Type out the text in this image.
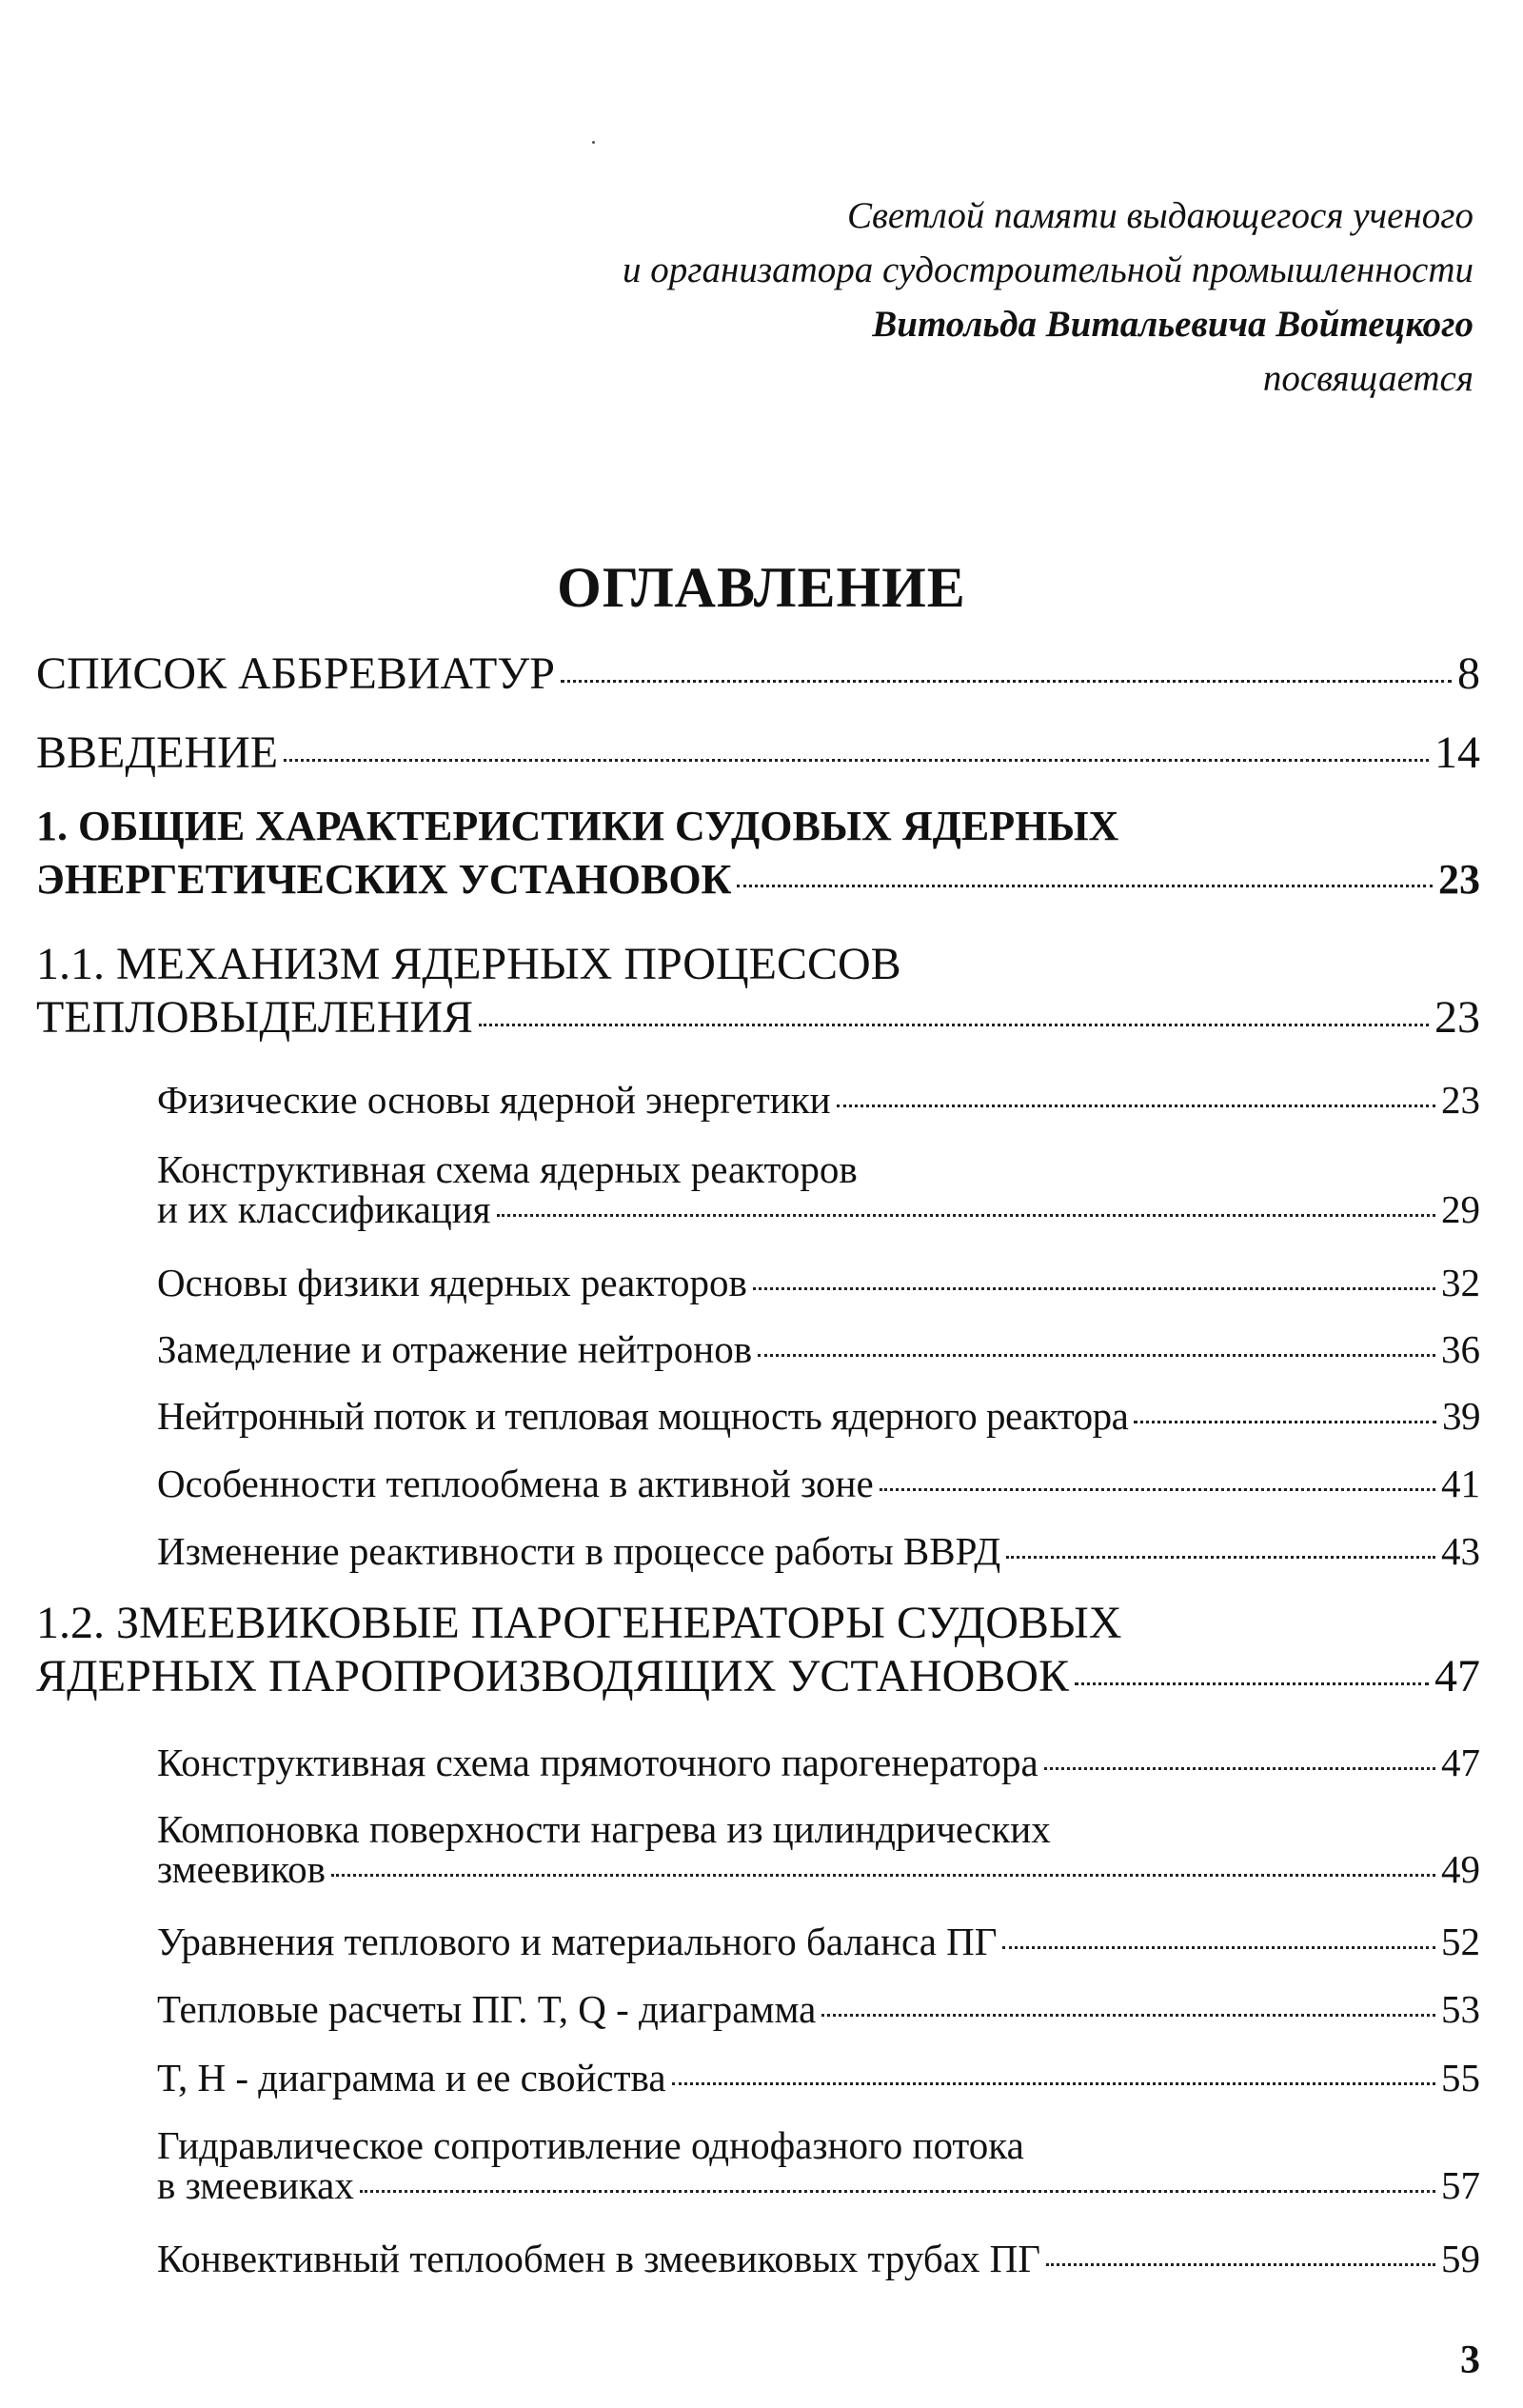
Светлой памяти выдающегося ученого
и организатора судостроительной промышленности
Витольда Витальевича Войтецкого
посвящается
ОГЛАВЛЕНИЕ
СПИСОК АББРЕВИАТУР	8
ВВЕДЕНИЕ	14
1. ОБЩИЕ ХАРАКТЕРИСТИКИ СУДОВЫХ ЯДЕРНЫХ
ЭНЕРГЕТИЧЕСКИХ УСТАНОВОК	23
1.1. МЕХАНИЗМ ЯДЕРНЫХ ПРОЦЕССОВ
ТЕПЛОВЫДЕЛЕНИЯ	23
Физические основы ядерной энергетики	23
Конструктивная схема ядерных реакторов
и их классификация	29
Основы физики ядерных реакторов	32
Замедление и отражение нейтронов	36
Нейтронный поток и тепловая мощность ядерного реактора	39
Особенности теплообмена в активной зоне	41
Изменение реактивности в процессе работы ВВРД	43
1.2. ЗМЕЕВИКОВЫЕ ПАРОГЕНЕРАТОРЫ СУДОВЫХ
ЯДЕРНЫХ ПАРОПРОИЗВОДЯЩИХ УСТАНОВОК	47
Конструктивная схема прямоточного парогенератора	47
Компоновка поверхности нагрева из цилиндрических
змеевиков	49
Уравнения теплового и материального баланса ПГ	52
Тепловые расчеты ПГ. T, Q - диаграмма	53
T, H - диаграмма и ее свойства	55
Гидравлическое сопротивление однофазного потока
в змеевиках	57
Конвективный теплообмен в змеевиковых трубах ПГ	59
3
